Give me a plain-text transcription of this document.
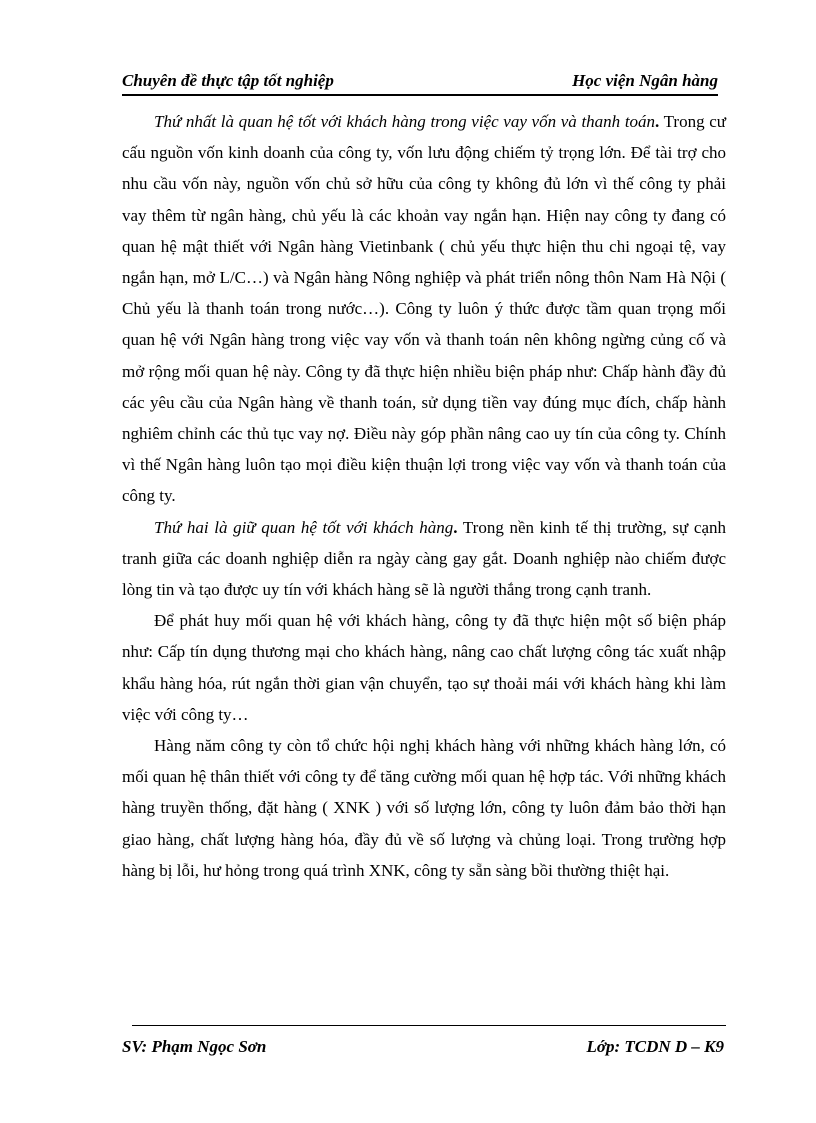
Chuyên đề thực tập tốt nghiệp	Học viện Ngân hàng

Thứ nhất là quan hệ tốt với khách hàng trong việc vay vốn và thanh toán. Trong cư cấu nguồn vốn kinh doanh của công ty, vốn lưu động chiếm tỷ trọng lớn. Để tài trợ cho nhu cầu vốn này, nguồn vốn chủ sở hữu của công ty không đủ lớn vì thế công ty phải vay thêm từ ngân hàng, chủ yếu là các khoản vay ngắn hạn. Hiện nay công ty đang có quan hệ mật thiết với Ngân hàng Vietinbank ( chủ yếu thực hiện thu chi ngoại tệ, vay ngắn hạn, mở L/C…) và Ngân hàng Nông nghiệp và phát triển nông thôn Nam Hà Nội ( Chủ yếu là thanh toán trong nước…). Công ty luôn ý thức được tầm quan trọng mối quan hệ với Ngân hàng trong việc vay vốn và thanh toán nên không ngừng củng cố và mở rộng mối quan hệ này. Công ty đã thực hiện nhiều biện pháp như: Chấp hành đầy đủ các yêu cầu của Ngân hàng về thanh toán, sử dụng tiền vay đúng mục đích, chấp hành nghiêm chỉnh các thủ tục vay nợ. Điều này góp phần nâng cao uy tín của công ty. Chính vì thế Ngân hàng luôn tạo mọi điều kiện thuận lợi trong việc vay vốn và thanh toán của công ty.

Thứ hai là giữ quan hệ tốt với khách hàng. Trong nền kinh tế thị trường, sự cạnh tranh giữa các doanh nghiệp diễn ra ngày càng gay gắt. Doanh nghiệp nào chiếm được lòng tin và tạo được uy tín với khách hàng sẽ là người thắng trong cạnh tranh.

Để phát huy mối quan hệ với khách hàng, công ty đã thực hiện một số biện pháp như: Cấp tín dụng thương mại cho khách hàng, nâng cao chất lượng công tác xuất nhập khẩu hàng hóa, rút ngắn thời gian vận chuyển, tạo sự thoải mái với khách hàng khi làm việc với công ty…

Hàng năm công ty còn tổ chức hội nghị khách hàng với những khách hàng lớn, có mối quan hệ thân thiết với công ty để tăng cường mối quan hệ hợp tác. Với những khách hàng truyền thống, đặt hàng ( XNK ) với số lượng lớn, công ty luôn đảm bảo thời hạn giao hàng, chất lượng hàng hóa, đầy đủ về số lượng và chủng loại. Trong trường hợp hàng bị lỗi, hư hỏng trong quá trình XNK, công ty sẵn sàng bồi thường thiệt hại.

SV: Phạm Ngọc Sơn	Lớp: TCDN D – K9
